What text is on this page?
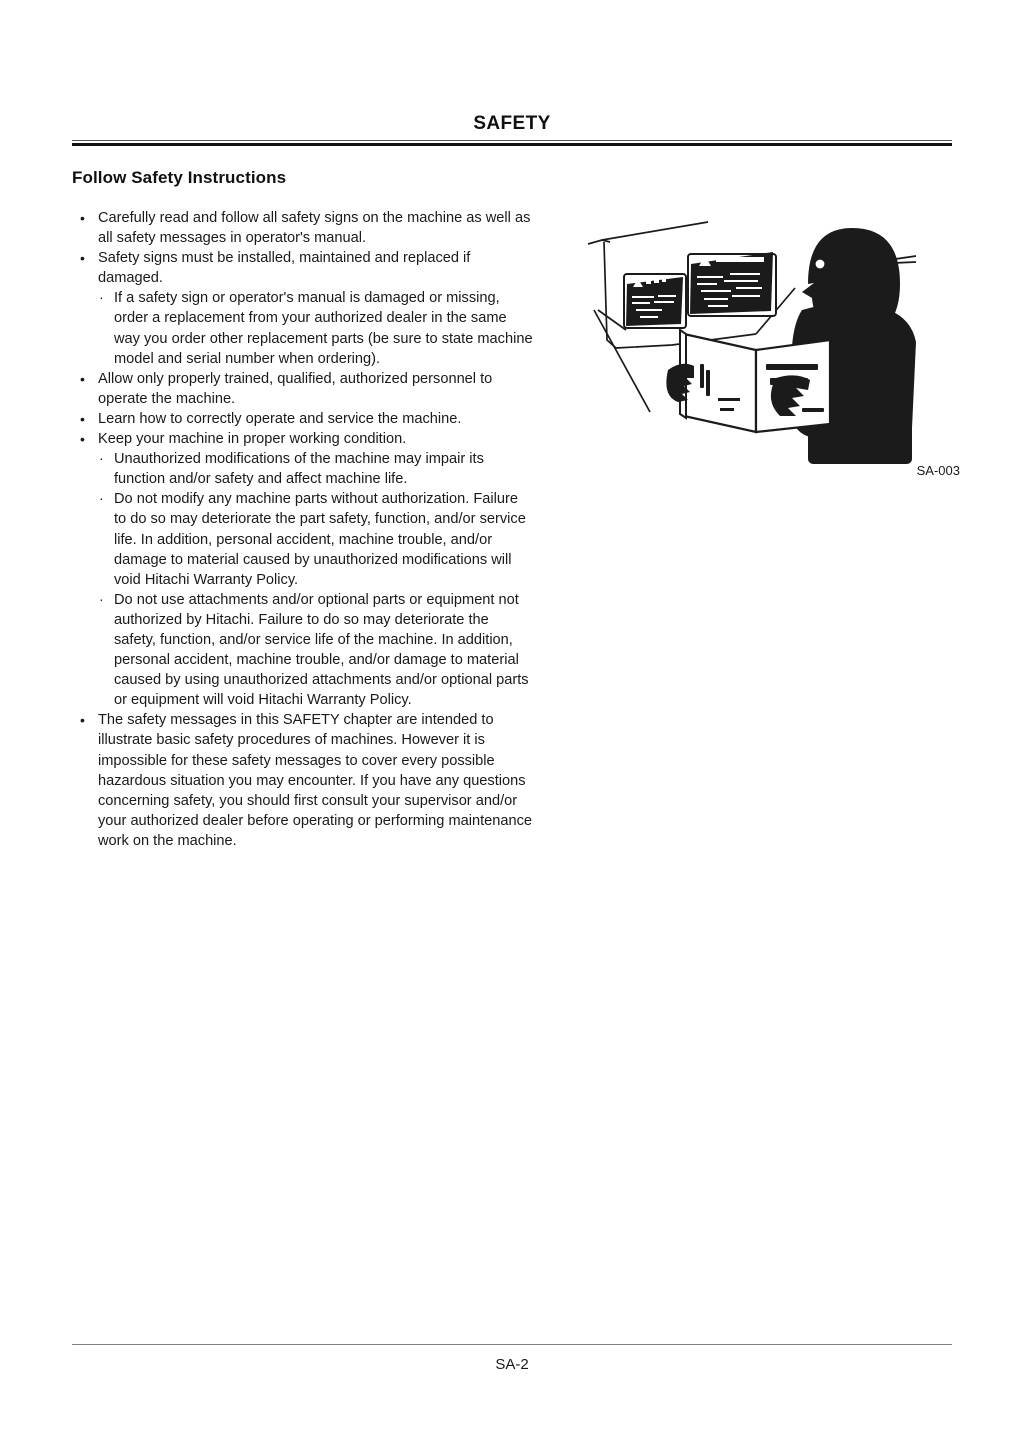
SAFETY
Follow Safety Instructions
• Carefully read and follow all safety signs on the machine as well as all safety messages in operator's manual.
• Safety signs must be installed, maintained and replaced if damaged.
· If a safety sign or operator's manual is damaged or missing, order a replacement from your authorized dealer in the same way you order other replacement parts (be sure to state machine model and serial number when ordering).
• Allow only properly trained, qualified, authorized personnel to operate the machine.
• Learn how to correctly operate and service the machine.
• Keep your machine in proper working condition.
· Unauthorized modifications of the machine may impair its function and/or safety and affect machine life.
· Do not modify any machine parts without authorization. Failure to do so may deteriorate the part safety, function, and/or service life. In addition, personal accident, machine trouble, and/or damage to material caused by unauthorized modifications will void Hitachi Warranty Policy.
· Do not use attachments and/or optional parts or equipment not authorized by Hitachi. Failure to do so may deteriorate the safety, function, and/or service life of the machine. In addition, personal accident, machine trouble, and/or damage to material caused by using unauthorized attachments and/or optional parts or equipment will void Hitachi Warranty Policy.
• The safety messages in this SAFETY chapter are intended to illustrate basic safety procedures of machines. However it is impossible for these safety messages to cover every possible hazardous situation you may encounter. If you have any questions concerning safety, you should first consult your supervisor and/or your authorized dealer before operating or performing maintenance work on the machine.
SA-003
SA-2
